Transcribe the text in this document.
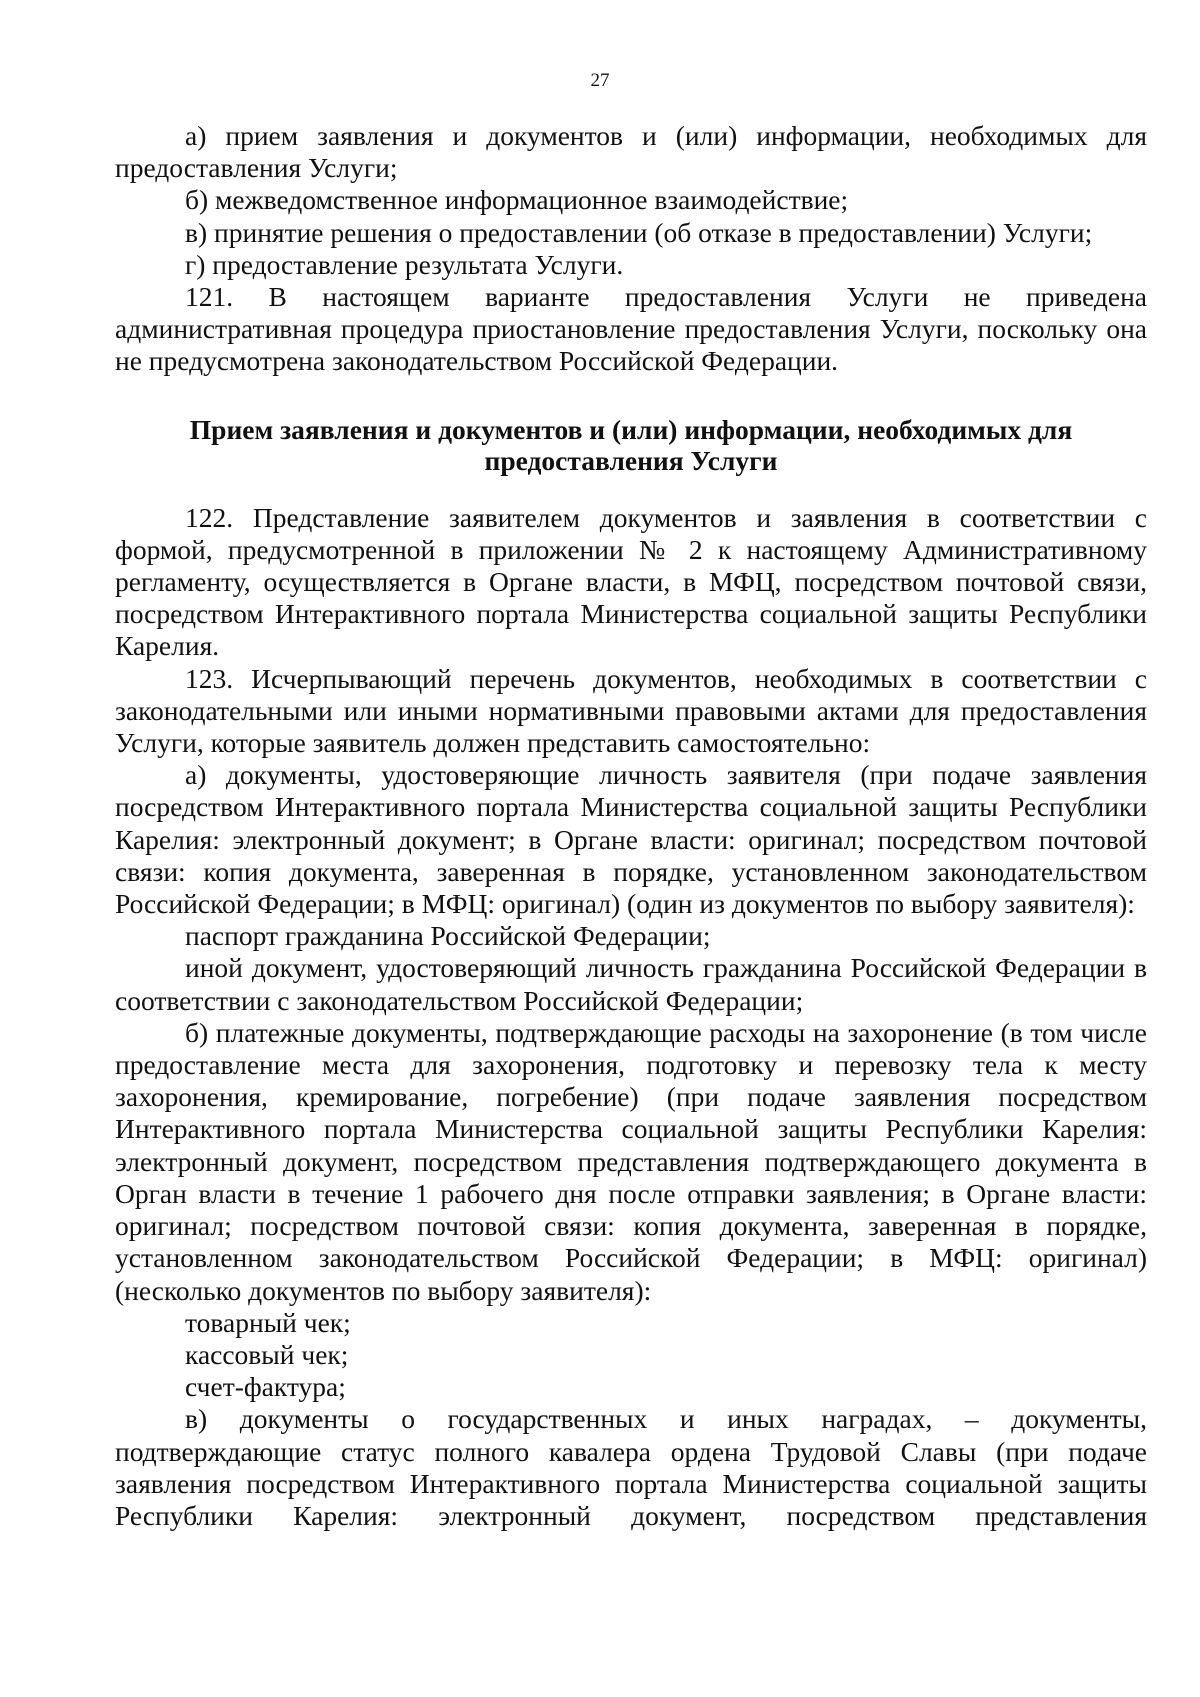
27

а) прием заявления и документов и (или) информации, необходимых для предоставления Услуги;

б) межведомственное информационное взаимодействие;

в) принятие решения о предоставлении (об отказе в предоставлении) Услуги;

г) предоставление результата Услуги.

121. В настоящем варианте предоставления Услуги не приведена административная процедура приостановление предоставления Услуги, поскольку она не предусмотрена законодательством Российской Федерации.

Прием заявления и документов и (или) информации, необходимых для
предоставления Услуги

122. Представление заявителем документов и заявления в соответствии с формой, предусмотренной в приложении № 2 к настоящему Административному регламенту, осуществляется в Органе власти, в МФЦ, посредством почтовой связи, посредством Интерактивного портала Министерства социальной защиты Республики Карелия.

123. Исчерпывающий перечень документов, необходимых в соответствии с законодательными или иными нормативными правовыми актами для предоставления Услуги, которые заявитель должен представить самостоятельно:

а) документы, удостоверяющие личность заявителя (при подаче заявления посредством Интерактивного портала Министерства социальной защиты Республики Карелия: электронный документ; в Органе власти: оригинал; посредством почтовой связи: копия документа, заверенная в порядке, установленном законодательством Российской Федерации; в МФЦ: оригинал) (один из документов по выбору заявителя):

паспорт гражданина Российской Федерации;

иной документ, удостоверяющий личность гражданина Российской Федерации в соответствии с законодательством Российской Федерации;

б) платежные документы, подтверждающие расходы на захоронение (в том числе предоставление места для захоронения, подготовку и перевозку тела к месту захоронения, кремирование, погребение) (при подаче заявления посредством Интерактивного портала Министерства социальной защиты Республики Карелия: электронный документ, посредством представления подтверждающего документа в Орган власти в течение 1 рабочего дня после отправки заявления; в Органе власти: оригинал; посредством почтовой связи: копия документа, заверенная в порядке, установленном законодательством Российской Федерации; в МФЦ: оригинал) (несколько документов по выбору заявителя):

товарный чек;

кассовый чек;

счет-фактура;

в) документы о государственных и иных наградах, – документы, подтверждающие статус полного кавалера ордена Трудовой Славы (при подаче заявления посредством Интерактивного портала Министерства социальной защиты Республики Карелия: электронный документ, посредством представления
